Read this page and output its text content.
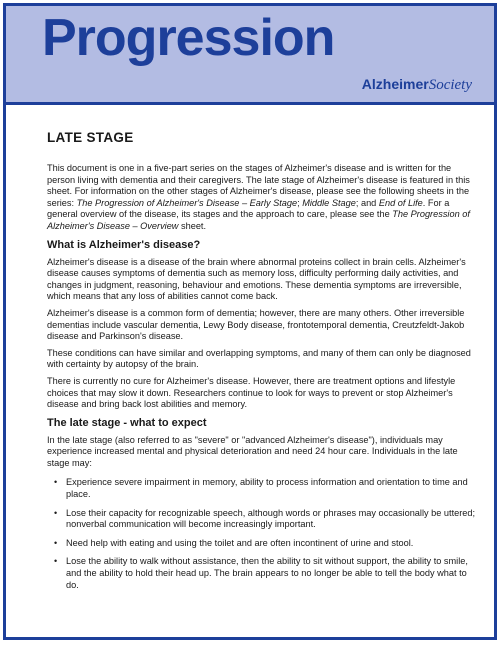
Progression
AlzheimerSociety
LATE STAGE

This document is one in a five-part series on the stages of Alzheimer's disease and is written for the person living with dementia and their caregivers. The late stage of Alzheimer's disease is featured in this sheet. For information on the other stages of Alzheimer's disease, please see the following sheets in the series: The Progression of Alzheimer's Disease – Early Stage; Middle Stage; and End of Life. For a general overview of the disease, its stages and the approach to care, please see the The Progression of Alzheimer's Disease – Overview sheet.

What is Alzheimer's disease?

Alzheimer's disease is a disease of the brain where abnormal proteins collect in brain cells. Alzheimer's disease causes symptoms of dementia such as memory loss, difficulty performing daily activities, and changes in judgment, reasoning, behaviour and emotions. These dementia symptoms are irreversible, which means that any loss of abilities cannot come back.

Alzheimer's disease is a common form of dementia; however, there are many others. Other irreversible dementias include vascular dementia, Lewy Body disease, frontotemporal dementia, Creutzfeldt-Jakob disease and Parkinson's disease.

These conditions can have similar and overlapping symptoms, and many of them can only be diagnosed with certainty by autopsy of the brain.

There is currently no cure for Alzheimer's disease. However, there are treatment options and lifestyle choices that may slow it down. Researchers continue to look for ways to prevent or stop Alzheimer's disease and bring back lost abilities and memory.

The late stage - what to expect

In the late stage (also referred to as "severe" or "advanced Alzheimer's disease"), individuals may experience increased mental and physical deterioration and need 24 hour care. Individuals in the late stage may:

• Experience severe impairment in memory, ability to process information and orientation to time and place.
• Lose their capacity for recognizable speech, although words or phrases may occasionally be uttered; nonverbal communication will become increasingly important.
• Need help with eating and using the toilet and are often incontinent of urine and stool.
• Lose the ability to walk without assistance, then the ability to sit without support, the ability to smile, and the ability to hold their head up. The brain appears to no longer be able to tell the body what to do.
